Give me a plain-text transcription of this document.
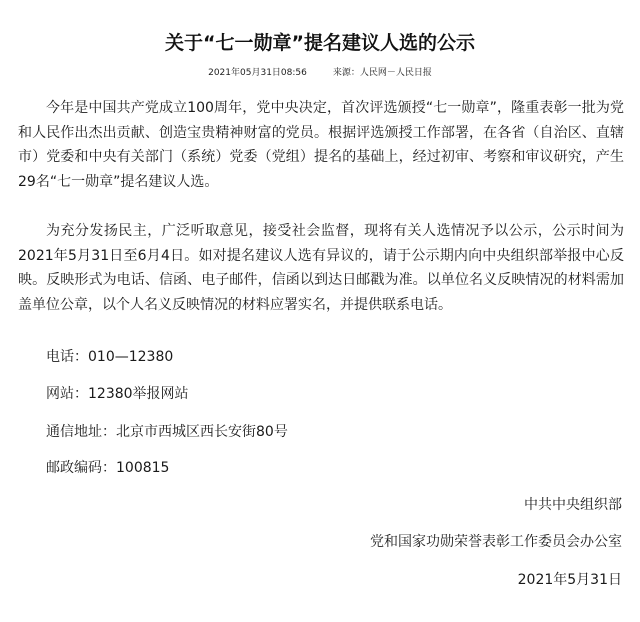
关于“七一勋章”提名建议人选的公示
2021年05月31日08:56	来源：人民网－人民日报

今年是中国共产党成立100周年，党中央决定，首次评选颁授“七一勋章”，隆重表彰一批为党和人民作出杰出贡献、创造宝贵精神财富的党员。根据评选颁授工作部署，在各省（自治区、直辖市）党委和中央有关部门（系统）党委（党组）提名的基础上，经过初审、考察和审议研究，产生29名“七一勋章”提名建议人选。

为充分发扬民主，广泛听取意见，接受社会监督，现将有关人选情况予以公示，公示时间为2021年5月31日至6月4日。如对提名建议人选有异议的，请于公示期内向中央组织部举报中心反映。反映形式为电话、信函、电子邮件，信函以到达日邮戳为准。以单位名义反映情况的材料需加盖单位公章，以个人名义反映情况的材料应署实名，并提供联系电话。

电话：010—12380
网站：12380举报网站
通信地址：北京市西城区西长安街80号
邮政编码：100815
中共中央组织部
党和国家功勋荣誉表彰工作委员会办公室
2021年5月31日
